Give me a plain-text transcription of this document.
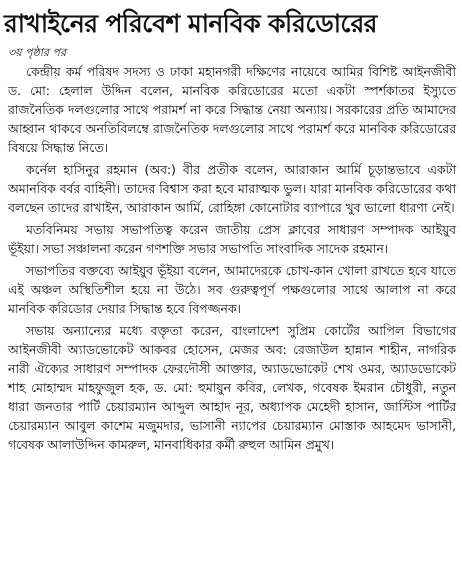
রাখাইনের পরিবেশ মানবিক করিডোরের

৩য় পৃষ্ঠার পর

কেন্দ্রীয় কর্ম পরিষদ সদস্য ও ঢাকা মহানগরী দক্ষিণের নায়েবে আমির বিশিষ্ট আইনজীবী ড. মো: হেলাল উদ্দিন বলেন, মানবিক করিডোরের মতো একটা স্পর্শকাতর ইস্যুতে রাজনৈতিক দলগুলোর সাথে পরামর্শ না করে সিদ্ধান্ত নেয়া অন্যায়। সরকারের প্রতি আমাদের আহ্বান থাকবে অনতিবিলম্বে রাজনৈতিক দলগুলোর সাথে পরামর্শ করে মানবিক করিডোরের বিষয়ে সিদ্ধান্ত নিতে।

কর্নেল হাসিনুর রহমান (অব:) বীর প্রতীক বলেন, আরাকান আর্মি চূড়ান্তভাবে একটা অমানবিক বর্বর বাহিনী। তাদের বিশ্বাস করা হবে মারাত্মক ভুল। যারা মানবিক করিডোরের কথা বলছেন তাদের রাখাইন, আরাকান আর্মি, রোহিঙ্গা কোনোটার ব্যাপারে খুব ভালো ধারণা নেই।

মতবিনিময় সভায় সভাপতিত্ব করেন জাতীয় প্রেস ক্লাবের সাধারণ সম্পাদক আইয়ুব ভূঁইয়া। সভা সঞ্চালনা করেন গণশক্তি সভার সভাপতি সাংবাদিক সাদেক রহমান।

সভাপতির বক্তব্যে আইয়ুব ভূঁইয়া বলেন, আমাদেরকে চোখ-কান খোলা রাখতে হবে যাতে এই অঞ্চল অস্থিতিশীল হয়ে না উঠে। সব গুরুত্বপূর্ণ পক্ষগুলোর সাথে আলাপ না করে মানবিক করিডোর দেয়ার সিদ্ধান্ত হবে বিপজ্জনক।

সভায় অন্যান্যের মধ্যে বক্তৃতা করেন, বাংলাদেশ সুপ্রিম কোর্টের আপিল বিভাগের আইনজীবী অ্যাডভোকেট আকবর হোসেন, মেজর অব: রেজাউল হান্নান শাহীন, নাগরিক নারী ঐক্যের সাধারণ সম্পাদক ফেরদৌসী আক্তার, অ্যাডভোকেট শেখ ওমর, অ্যাডভোকেট শাহ মোহাম্মদ মাহফুজুল হক, ড. মো: হুমায়ুন কবির, লেখক, গবেষক ইমরান চৌধুরী, নতুন ধারা জনতার পার্টি চেয়ারম্যান আব্দুল আহাদ নূর, অধ্যাপক মেহেদী হাসান, জাস্টিস পার্টির চেয়ারম্যান আবুল কাশেম মজুমদার, ভাসানী ন্যাপের চেয়ারম্যান মোস্তাক আহমেদ ভাসানী, গবেষক আলাউদ্দিন কামরুল, মানবাধিকার কর্মী রুহুল আমিন প্রমুখ।
